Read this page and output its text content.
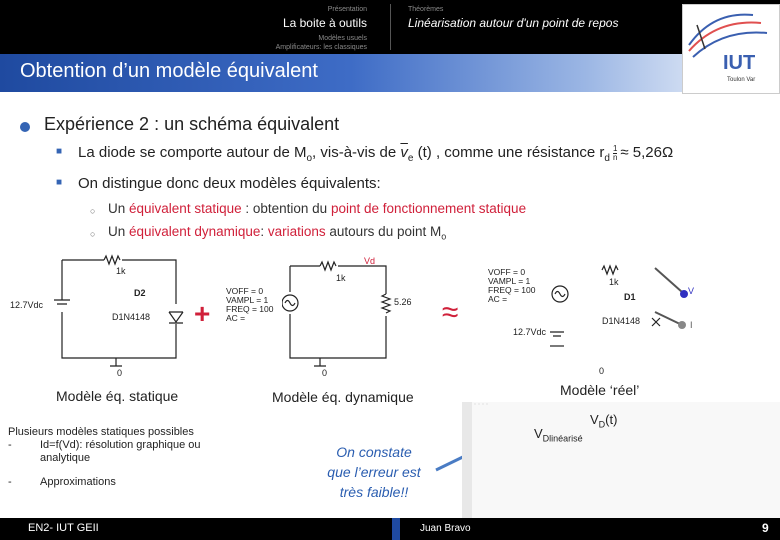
Présentation
La boite à outils
Modèles usuels
Amplificateurs: les classiques
Théorèmes
Linéarisation autour d'un point de repos
Obtention d’un modèle équivalent	IUT
Toulon Var
Expérience 2 : un schéma équivalent
■ La diode se comporte autour de $M_o$, vis-à-vis de $\overline{v}_e$ (t) , comme une résistance $r_d \frac{1}{n} \approx 5,26\Omega$
■ On distingue donc deux modèles équivalents:
○ Un équivalent statique : obtention du point de fonctionnement statique
○ Un équivalent dynamique: variations autours du point $M_o$
1k
12.7Vdc
D2
D1N4148
0
+
1k
Vd
VOFF = 0
VAMPL = 1
FREQ = 100
AC =
5.26
0
≈
VOFF = 0
VAMPL = 1
FREQ = 100
AC =
1k
D1
D1N4148
12.7Vdc
0
V
I
Modèle éq. statique	Modèle éq. dynamique	Modèle ‘réel’
Plusieurs modèles statiques possibles
-	Id=f(Vd): résolution graphique ou
analytique
-	Approximations
On constate
que l’erreur est
très faible!!
$V_D(t)$
$V_{Dlinéarisé}$
EN2- IUT GEII	Juan Bravo	9
